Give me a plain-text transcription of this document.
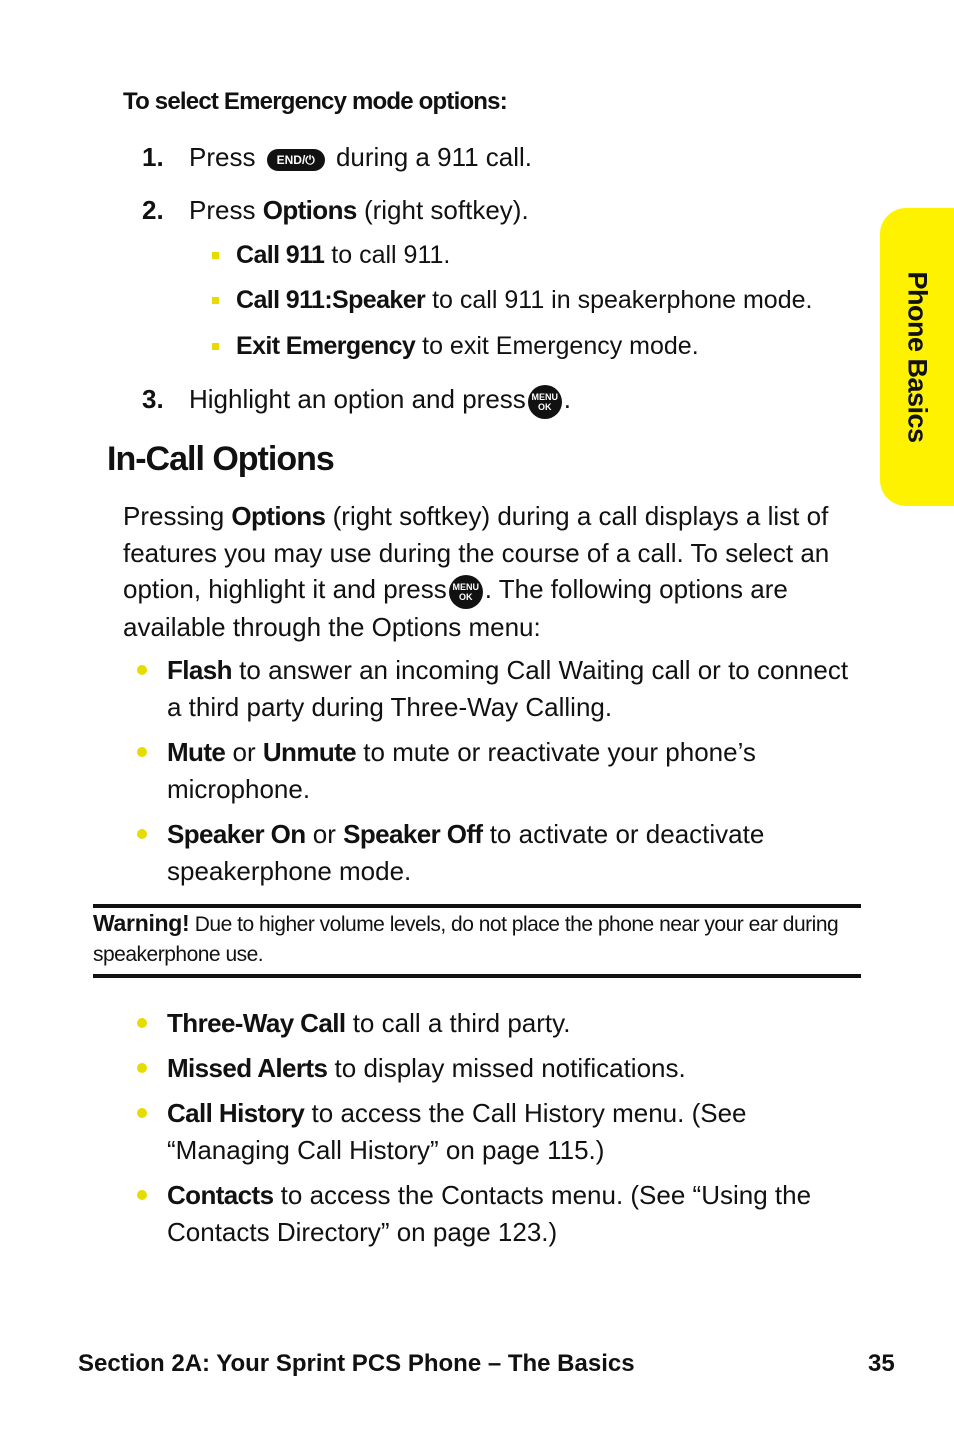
Phone Basics
To select Emergency mode options:
1. Press END/⏻ during a 911 call.
2. Press Options (right softkey).
Call 911 to call 911.
Call 911:Speaker to call 911 in speakerphone mode.
Exit Emergency to exit Emergency mode.
3. Highlight an option and press MENU
OK .
In-Call Options
Pressing Options (right softkey) during a call displays a list of features you may use during the course of a call. To select an option, highlight it and press MENU
OK . The following options are available through the Options menu:
Flash to answer an incoming Call Waiting call or to connect a third party during Three-Way Calling.
Mute or Unmute to mute or reactivate your phone’s microphone.
Speaker On or Speaker Off to activate or deactivate speakerphone mode.
Warning! Due to higher volume levels, do not place the phone near your ear during speakerphone use.
Three-Way Call to call a third party.
Missed Alerts to display missed notifications.
Call History to access the Call History menu. (See “Managing Call History” on page 115.)
Contacts to access the Contacts menu. (See “Using the Contacts Directory” on page 123.)
Section 2A: Your Sprint PCS Phone – The Basics	35
